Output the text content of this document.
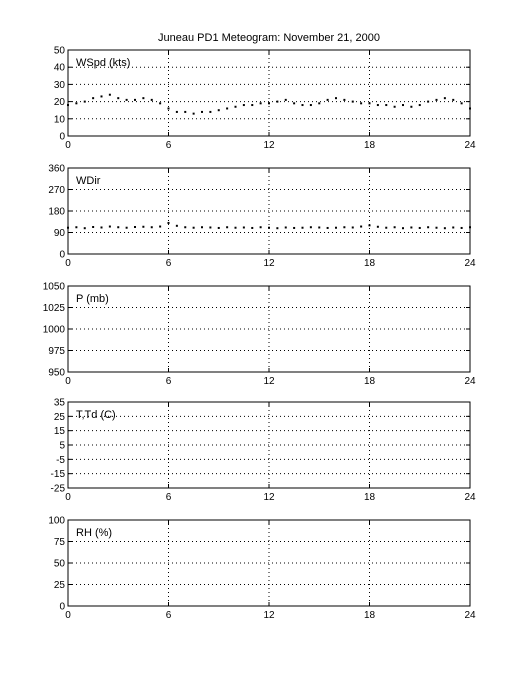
Juneau PD1 Meteogram: November 21, 2000
0	6	12	18	24
0
10
20
30
40
50
WSpd (kts)
0	6	12	18	24
0
90
180
270
360
WDir
0	6	12	18	24
950
975
1000
1025
1050
P (mb)
0	6	12	18	24
-25
-15
-5
5
15
25
35
T,Td (C)
0	6	12	18	24
0
25
50
75
100
RH (%)
